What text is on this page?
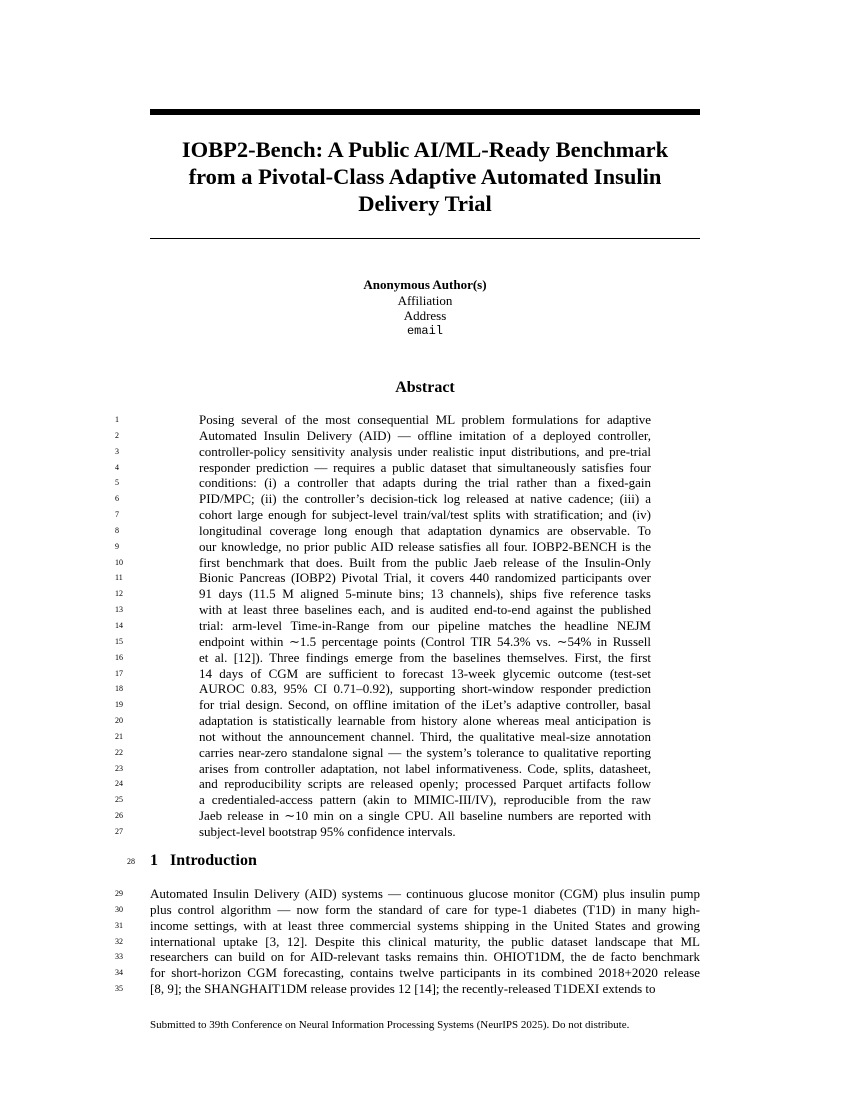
IOBP2-Bench: A Public AI/ML-Ready Benchmark
from a Pivotal-Class Adaptive Automated Insulin
Delivery Trial
Anonymous Author(s)
Affiliation
Address
email
Abstract
1	Posing several of the most consequential ML problem formulations for adaptive
2	Automated Insulin Delivery (AID) — offline imitation of a deployed controller,
3	controller-policy sensitivity analysis under realistic input distributions, and pre-trial
4	responder prediction — requires a public dataset that simultaneously satisfies four
5	conditions: (i) a controller that adapts during the trial rather than a fixed-gain
6	PID/MPC; (ii) the controller’s decision-tick log released at native cadence; (iii) a
7	cohort large enough for subject-level train/val/test splits with stratification; and (iv)
8	longitudinal coverage long enough that adaptation dynamics are observable. To
9	our knowledge, no prior public AID release satisfies all four. IOBP2-BENCH is the
10	first benchmark that does. Built from the public Jaeb release of the Insulin-Only
11	Bionic Pancreas (IOBP2) Pivotal Trial, it covers 440 randomized participants over
12	91 days (11.5 M aligned 5-minute bins; 13 channels), ships five reference tasks
13	with at least three baselines each, and is audited end-to-end against the published
14	trial: arm-level Time-in-Range from our pipeline matches the headline NEJM
15	endpoint within ∼1.5 percentage points (Control TIR 54.3% vs. ∼54% in Russell
16	et al. [12]). Three findings emerge from the baselines themselves. First, the first
17	14 days of CGM are sufficient to forecast 13-week glycemic outcome (test-set
18	AUROC 0.83, 95% CI 0.71–0.92), supporting short-window responder prediction
19	for trial design. Second, on offline imitation of the iLet’s adaptive controller, basal
20	adaptation is statistically learnable from history alone whereas meal anticipation is
21	not without the announcement channel. Third, the qualitative meal-size annotation
22	carries near-zero standalone signal — the system’s tolerance to qualitative reporting
23	arises from controller adaptation, not label informativeness. Code, splits, datasheet,
24	and reproducibility scripts are released openly; processed Parquet artifacts follow
25	a credentialed-access pattern (akin to MIMIC-III/IV), reproducible from the raw
26	Jaeb release in ∼10 min on a single CPU. All baseline numbers are reported with
27	subject-level bootstrap 95% confidence intervals.
28 1 Introduction
29	Automated Insulin Delivery (AID) systems — continuous glucose monitor (CGM) plus insulin pump
30	plus control algorithm — now form the standard of care for type-1 diabetes (T1D) in many high-
31	income settings, with at least three commercial systems shipping in the United States and growing
32	international uptake [3, 12]. Despite this clinical maturity, the public dataset landscape that ML
33	researchers can build on for AID-relevant tasks remains thin. OHIOT1DM, the de facto benchmark
34	for short-horizon CGM forecasting, contains twelve participants in its combined 2018+2020 release
35	[8, 9]; the SHANGHAIT1DM release provides 12 [14]; the recently-released T1DEXI extends to

Submitted to 39th Conference on Neural Information Processing Systems (NeurIPS 2025). Do not distribute.
